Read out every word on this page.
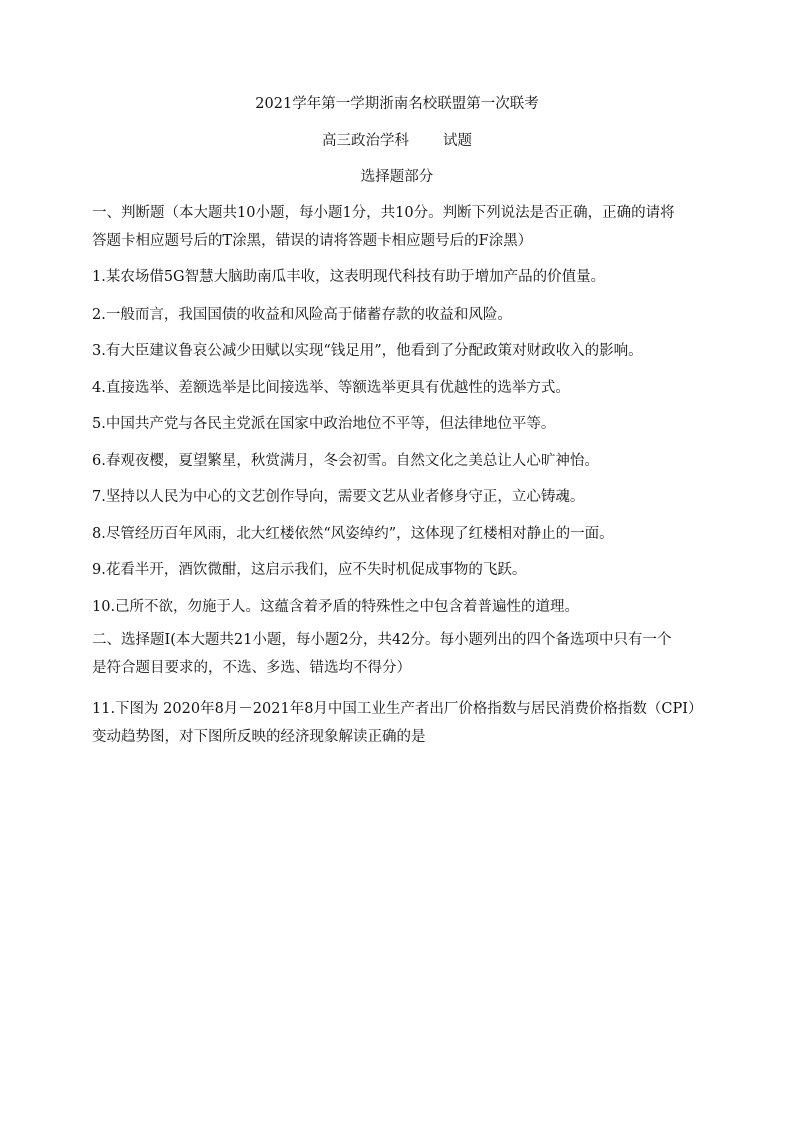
2021学年第一学期浙南名校联盟第一次联考
高三政治学科 试题
选择题部分
一、判断题（本大题共10小题，每小题1分，共10分。判断下列说法是否正确，正确的请将
答题卡相应题号后的T涂黑，错误的请将答题卡相应题号后的F涂黑）
1.某农场借5G智慧大脑助南瓜丰收，这表明现代科技有助于增加产品的价值量。
2.一般而言，我国国债的收益和风险高于储蓄存款的收益和风险。
3.有大臣建议鲁哀公减少田赋以实现“钱足用”，他看到了分配政策对财政收入的影响。
4.直接选举、差额选举是比间接选举、等额选举更具有优越性的选举方式。
5.中国共产党与各民主党派在国家中政治地位不平等，但法律地位平等。
6.春观夜樱，夏望繁星，秋赏满月，冬会初雪。自然文化之美总让人心旷神怡。
7.坚持以人民为中心的文艺创作导向，需要文艺从业者修身守正，立心铸魂。
8.尽管经历百年风雨，北大红楼依然“风姿绰约”，这体现了红楼相对静止的一面。
9.花看半开，酒饮微酣，这启示我们，应不失时机促成事物的飞跃。
10.己所不欲，勿施于人。这蕴含着矛盾的特殊性之中包含着普遍性的道理。
二、选择题Ⅰ(本大题共21小题，每小题2分，共42分。每小题列出的四个备选项中只有一个
是符合题目要求的，不选、多选、错选均不得分）
11.下图为 2020年8月－2021年8月中国工业生产者出厂价格指数与居民消费价格指数（CPI）
变动趋势图，对下图所反映的经济现象解读正确的是
